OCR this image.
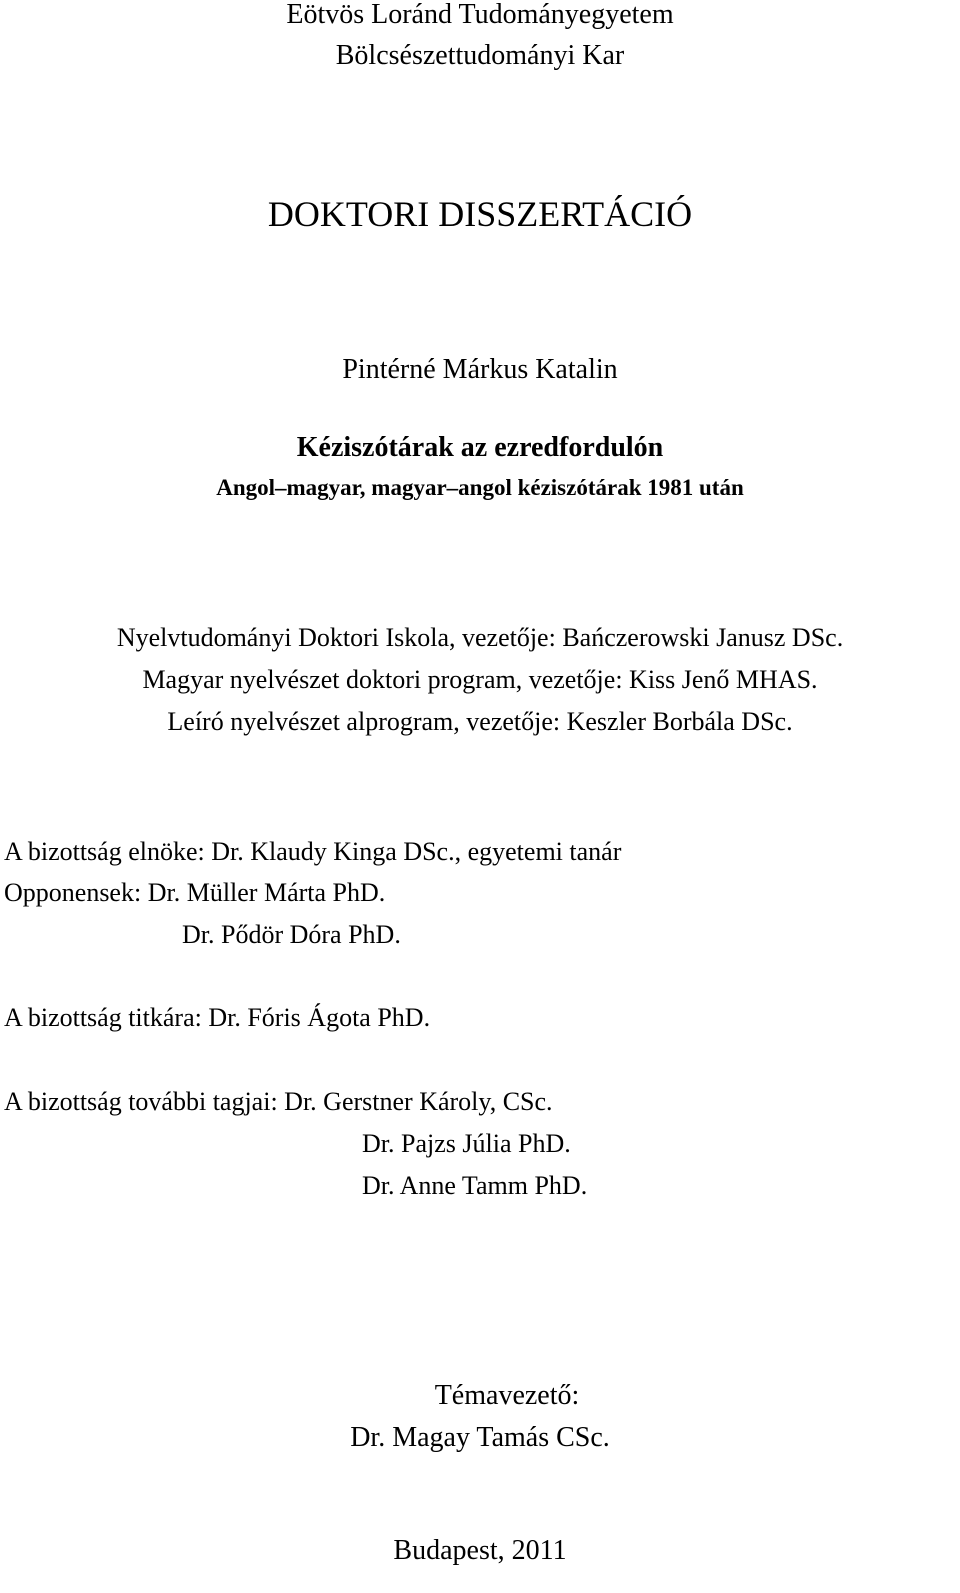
Eötvös Loránd Tudományegyetem
Bölcsészettudományi Kar
DOKTORI DISSZERTÁCIÓ
Pintérné Márkus Katalin
Kéziszótárak az ezredfordulón
Angol–magyar, magyar–angol kéziszótárak 1981 után
Nyelvtudományi Doktori Iskola, vezetője: Bańczerowski Janusz DSc.
Magyar nyelvészet doktori program, vezetője: Kiss Jenő MHAS.
Leíró nyelvészet alprogram, vezetője: Keszler Borbála DSc.
A bizottság elnöke: Dr. Klaudy Kinga DSc., egyetemi tanár
Opponensek: Dr. Müller Márta PhD.
Dr. Pődör Dóra PhD.
A bizottság titkára: Dr. Fóris Ágota PhD.
A bizottság további tagjai: Dr. Gerstner Károly, CSc.
Dr. Pajzs Júlia PhD.
Dr. Anne Tamm PhD.
Témavezető:
Dr. Magay Tamás CSc.
Budapest, 2011
